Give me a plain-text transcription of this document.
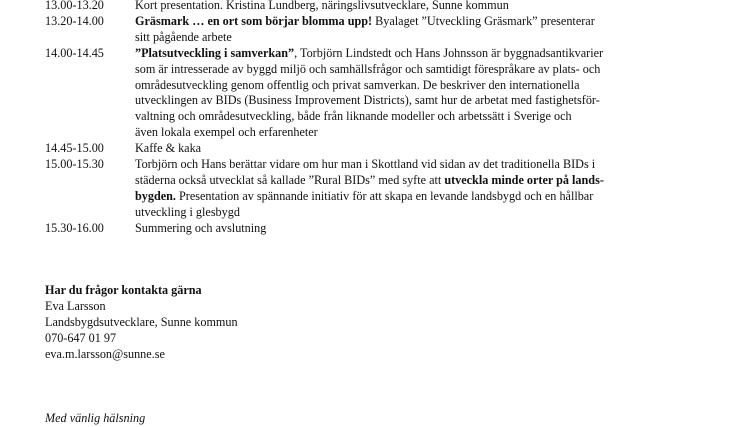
13.00-13.20	Kort presentation. Kristina Lundberg, näringslivsutvecklare, Sunne kommun
13.20-14.00	Gräsmark … en ort som börjar blomma upp! Byalaget ”Utveckling Gräsmark” presenterar
sitt pågående arbete
14.00-14.45	”Platsutveckling i samverkan”, Torbjörn Lindstedt och Hans Johnsson är byggnadsantikvarier
som är intresserade av byggd miljö och samhällsfrågor och samtidigt förespråkare av plats- och
områdesutveckling genom offentlig och privat samverkan. De beskriver den internationella
utvecklingen av BIDs (Business Improvement Districts), samt hur de arbetat med fastighetsför-
valtning och områdesutveckling, både från liknande modeller och arbetssätt i Sverige och
även lokala exempel och erfarenheter
14.45-15.00	Kaffe & kaka
15.00-15.30	Torbjörn och Hans berättar vidare om hur man i Skottland vid sidan av det traditionella BIDs i
städerna också utvecklat så kallade ”Rural BIDs” med syfte att utveckla minde orter på lands-
bygden. Presentation av spännande initiativ för att skapa en levande landsbygd och en hållbar
utveckling i glesbygd
15.30-16.00	Summering och avslutning
Har du frågor kontakta gärna
Eva Larsson
Landsbygdsutvecklare, Sunne kommun
070-647 01 97
eva.m.larsson@sunne.se
Med vänlig hälsning
